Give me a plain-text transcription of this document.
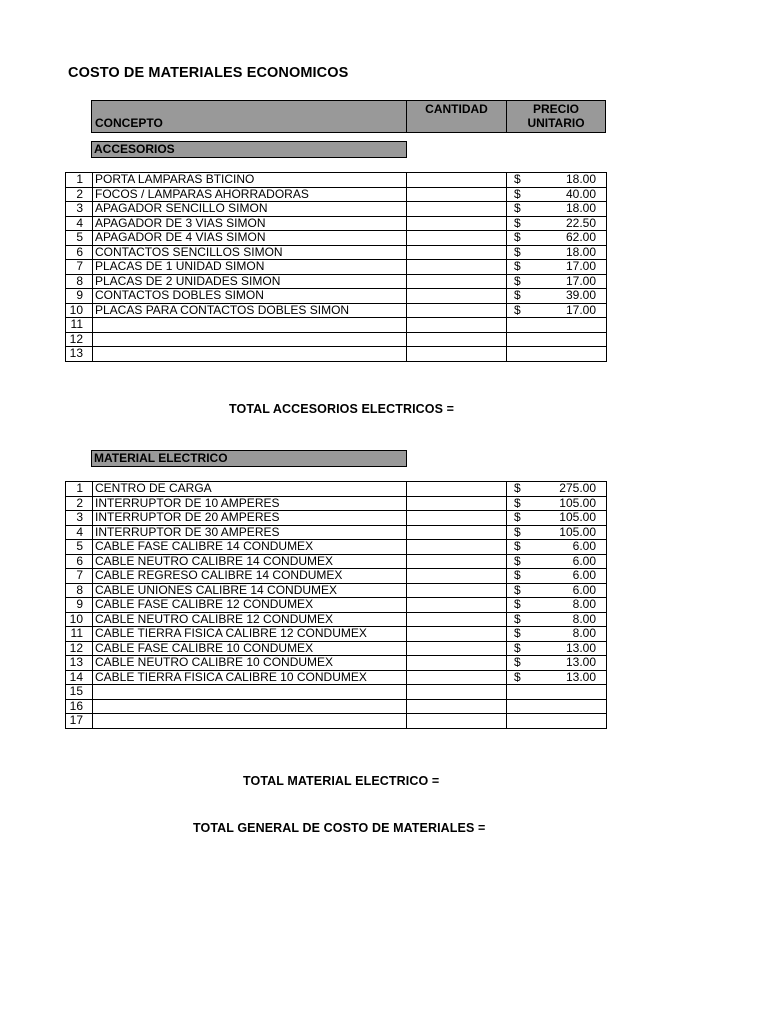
COSTO DE MATERIALES ECONOMICOS
CONCEPTO
CANTIDAD	PRECIO
UNITARIO
ACCESORIOS
1	PORTA LAMPARAS BTICINO		$ 18.00

2	FOCOS / LAMPARAS AHORRADORAS		$ 40.00

3	APAGADOR SENCILLO SIMON		$ 18.00

4	APAGADOR DE 3 VIAS SIMON		$ 22.50

5	APAGADOR DE 4 VIAS SIMON		$ 62.00

6	CONTACTOS SENCILLOS SIMON		$ 18.00

7	PLACAS DE 1 UNIDAD SIMON		$ 17.00

8	PLACAS DE 2 UNIDADES SIMON		$ 17.00

9	CONTACTOS DOBLES SIMON		$ 39.00

10	PLACAS PARA CONTACTOS DOBLES SIMON		$ 17.00

11			
12			
13			
TOTAL ACCESORIOS ELECTRICOS =
MATERIAL ELECTRICO
1	CENTRO DE CARGA		$ 275.00

2	INTERRUPTOR DE 10 AMPERES		$ 105.00

3	INTERRUPTOR DE 20 AMPERES		$ 105.00

4	INTERRUPTOR DE 30 AMPERES		$ 105.00

5	CABLE FASE CALIBRE 14 CONDUMEX		$ 6.00

6	CABLE NEUTRO CALIBRE 14 CONDUMEX		$ 6.00

7	CABLE REGRESO CALIBRE 14 CONDUMEX		$ 6.00

8	CABLE UNIONES CALIBRE 14 CONDUMEX		$ 6.00

9	CABLE FASE CALIBRE 12 CONDUMEX		$ 8.00

10	CABLE NEUTRO CALIBRE 12 CONDUMEX		$ 8.00

11	CABLE TIERRA FISICA CALIBRE 12 CONDUMEX		$ 8.00

12	CABLE FASE CALIBRE 10 CONDUMEX		$ 13.00

13	CABLE NEUTRO CALIBRE 10 CONDUMEX		$ 13.00

14	CABLE TIERRA FISICA CALIBRE 10 CONDUMEX		$ 13.00

15			
16			
17			
TOTAL MATERIAL ELECTRICO =
TOTAL GENERAL DE COSTO DE MATERIALES =
